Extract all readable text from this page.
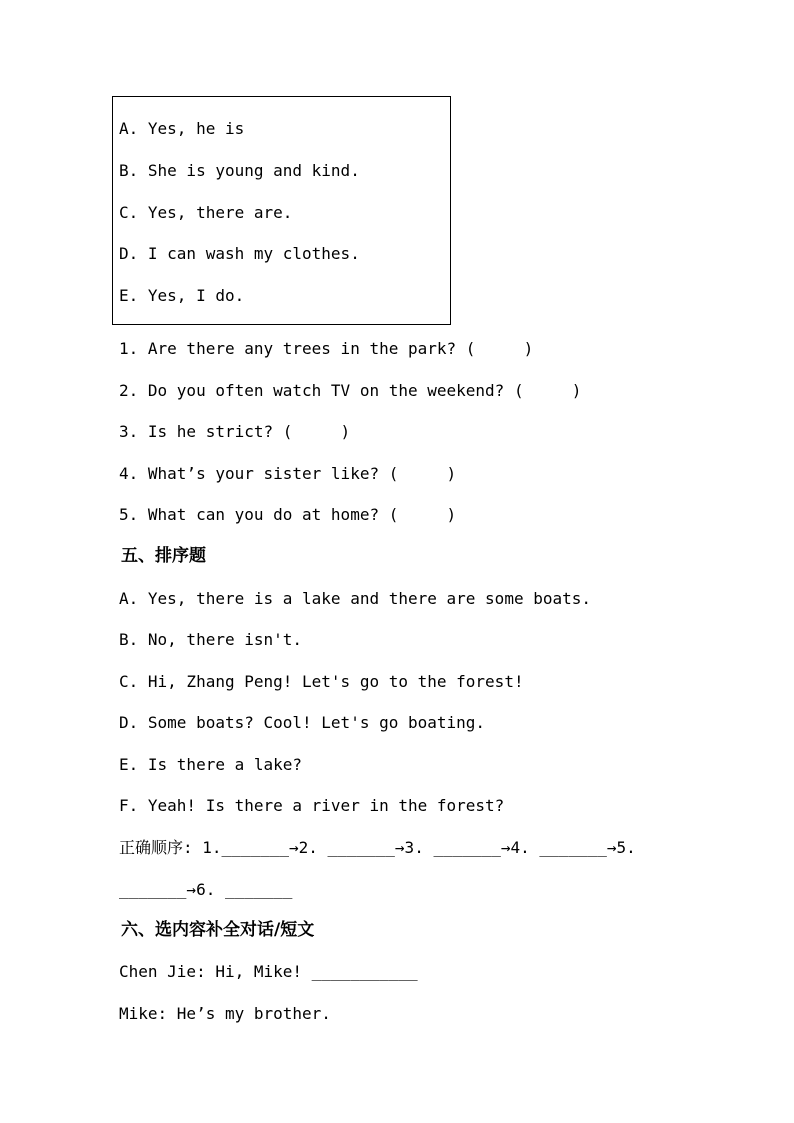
A. Yes, he is
B. She is young and kind.
C. Yes, there are.
D. I can wash my clothes.
E. Yes, I do.
1. Are there any trees in the park? (     )
2. Do you often watch TV on the weekend? (     )
3. Is he strict? (     )
4. What’s your sister like? (     )
5. What can you do at home? (     )
五、排序题
A. Yes, there is a lake and there are some boats.
B. No, there isn't.
C. Hi, Zhang Peng! Let's go to the forest!
D. Some boats? Cool! Let's go boating.
E. Is there a lake?
F. Yeah! Is there a river in the forest?
正确顺序: 1._______→2. _______→3. _______→4. _______→5.
_______→6. _______
六、选内容补全对话/短文
Chen Jie: Hi, Mike! ___________
Mike: He’s my brother.
